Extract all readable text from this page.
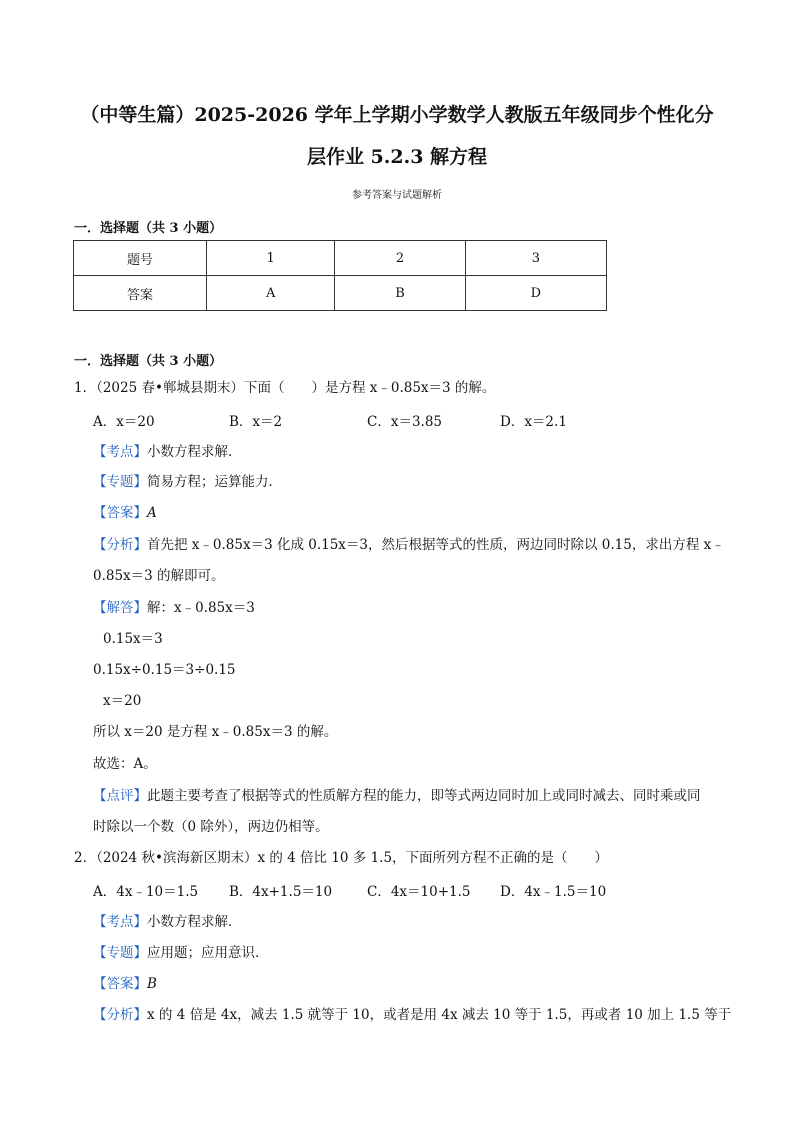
（中等生篇）2025-2026 学年上学期小学数学人教版五年级同步个性化分
层作业 5.2.3 解方程
参考答案与试题解析
一．选择题（共 3 小题）
题号	1	2	3
答案	A	B	D
一．选择题（共 3 小题）
1．（2025 春•郸城县期末）下面（　　）是方程 x﹣0.85x＝3 的解。
A．x＝20	B．x＝2	C．x＝3.85	D．x＝2.1
【考点】小数方程求解．
【专题】简易方程；运算能力．
【答案】A
【分析】首先把 x﹣0.85x＝3 化成 0.15x＝3，然后根据等式的性质，两边同时除以 0.15，求出方程 x﹣
0.85x＝3 的解即可。
【解答】解：x﹣0.85x＝3
0.15x＝3
0.15x÷0.15＝3÷0.15
x＝20
所以 x＝20 是方程 x﹣0.85x＝3 的解。
故选：A。
【点评】此题主要考查了根据等式的性质解方程的能力，即等式两边同时加上或同时减去、同时乘或同
时除以一个数（0 除外），两边仍相等。
2．（2024 秋•滨海新区期末）x 的 4 倍比 10 多 1.5，下面所列方程不正确的是（　　）
A．4x﹣10＝1.5 B．4x+1.5＝10	C．4x＝10+1.5 D．4x﹣1.5＝10
【考点】小数方程求解．
【专题】应用题；应用意识．
【答案】B
【分析】x 的 4 倍是 4x，减去 1.5 就等于 10，或者是用 4x 减去 10 等于 1.5，再或者 10 加上 1.5 等于
